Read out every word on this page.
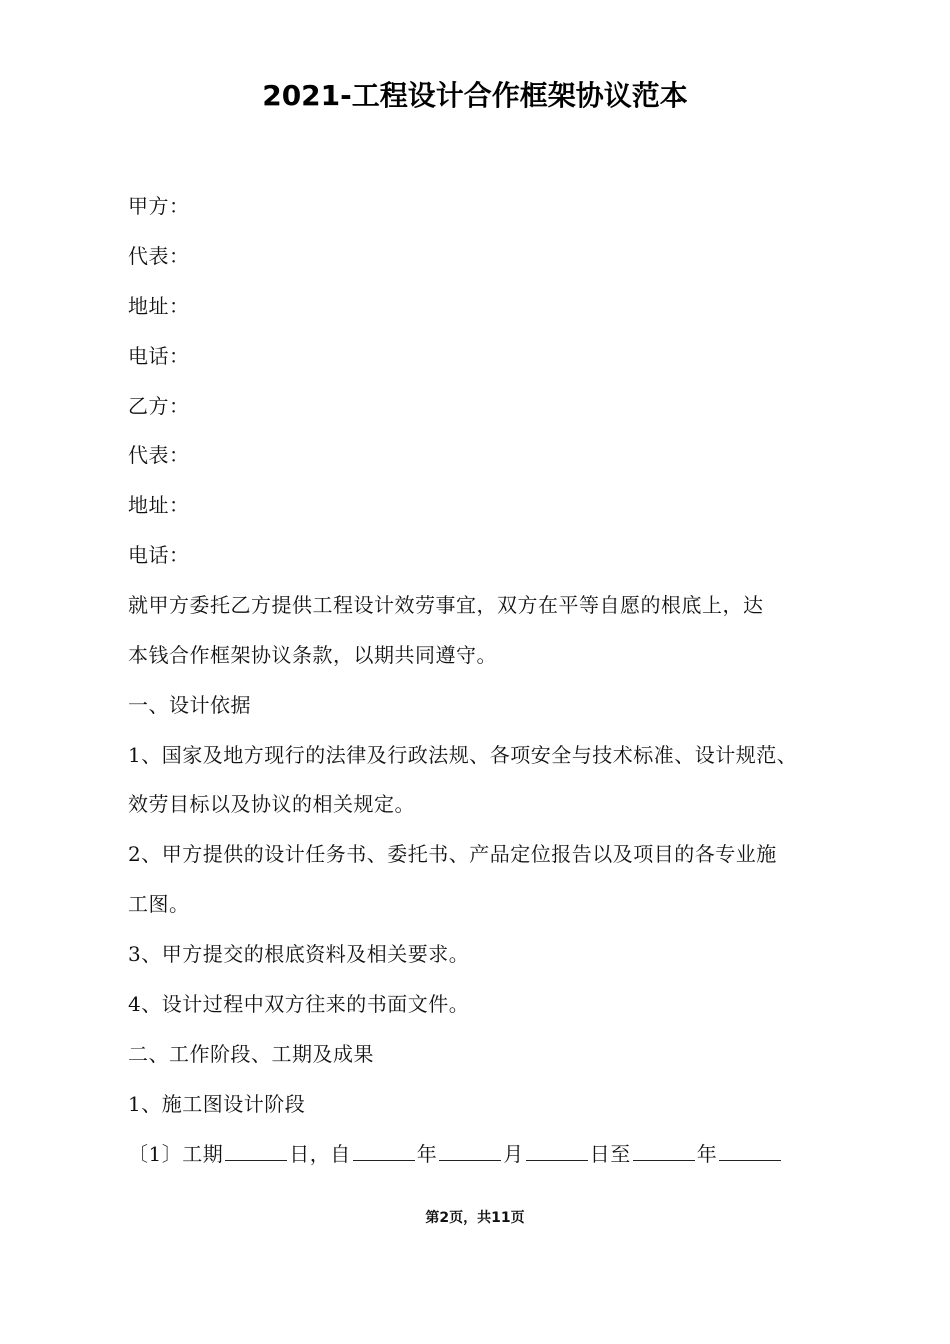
2021-工程设计合作框架协议范本
甲方：
代表：
地址：
电话：
乙方：
代表：
地址：
电话：
就甲方委托乙方提供工程设计效劳事宜，双方在平等自愿的根底上，达
本钱合作框架协议条款，以期共同遵守。
一、设计依据
1、国家及地方现行的法律及行政法规、各项安全与技术标准、设计规范、
效劳目标以及协议的相关规定。
2、甲方提供的设计任务书、委托书、产品定位报告以及项目的各专业施
工图。
3、甲方提交的根底资料及相关要求。
4、设计过程中双方往来的书面文件。
二、工作阶段、工期及成果
1、施工图设计阶段
〔1〕工期	日，自	年	月	日至	年
第2页，共11页
